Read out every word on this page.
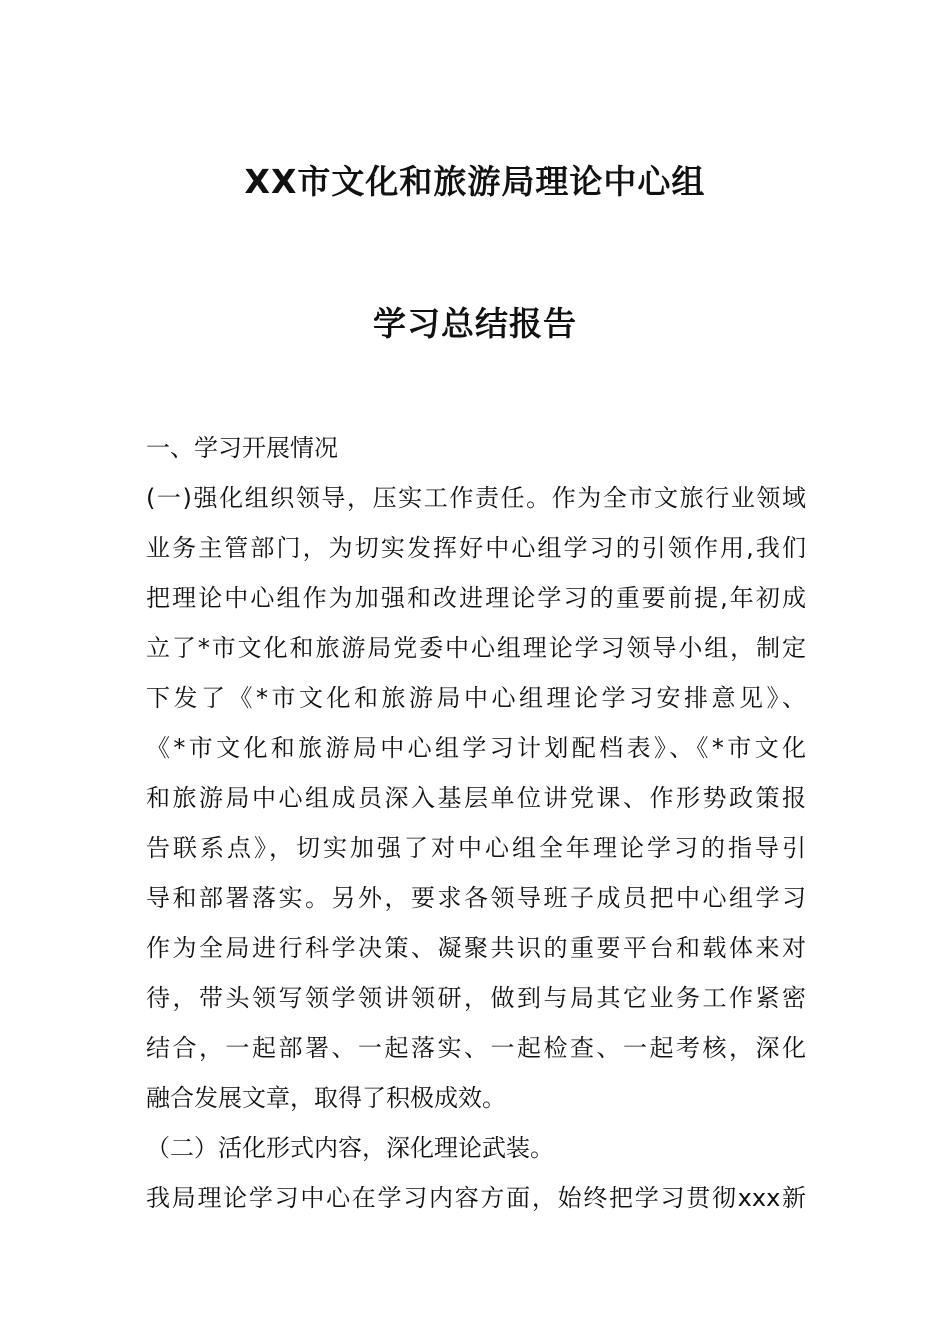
XX市文化和旅游局理论中心组
学习总结报告
一、学习开展情况
(一)强化组织领导，压实工作责任。作为全市文旅行业领域
业务主管部门，为切实发挥好中心组学习的引领作用,我们
把理论中心组作为加强和改进理论学习的重要前提,年初成
立了*市文化和旅游局党委中心组理论学习领导小组，制定
下发了《*市文化和旅游局中心组理论学习安排意见》、
《*市文化和旅游局中心组学习计划配档表》、《*市文化
和旅游局中心组成员深入基层单位讲党课、作形势政策报
告联系点》，切实加强了对中心组全年理论学习的指导引
导和部署落实。另外，要求各领导班子成员把中心组学习
作为全局进行科学决策、凝聚共识的重要平台和载体来对
待，带头领写领学领讲领研，做到与局其它业务工作紧密
结合，一起部署、一起落实、一起检查、一起考核，深化
融合发展文章，取得了积极成效。
（二）活化形式内容，深化理论武装。
我局理论学习中心在学习内容方面，始终把学习贯彻xxx新
